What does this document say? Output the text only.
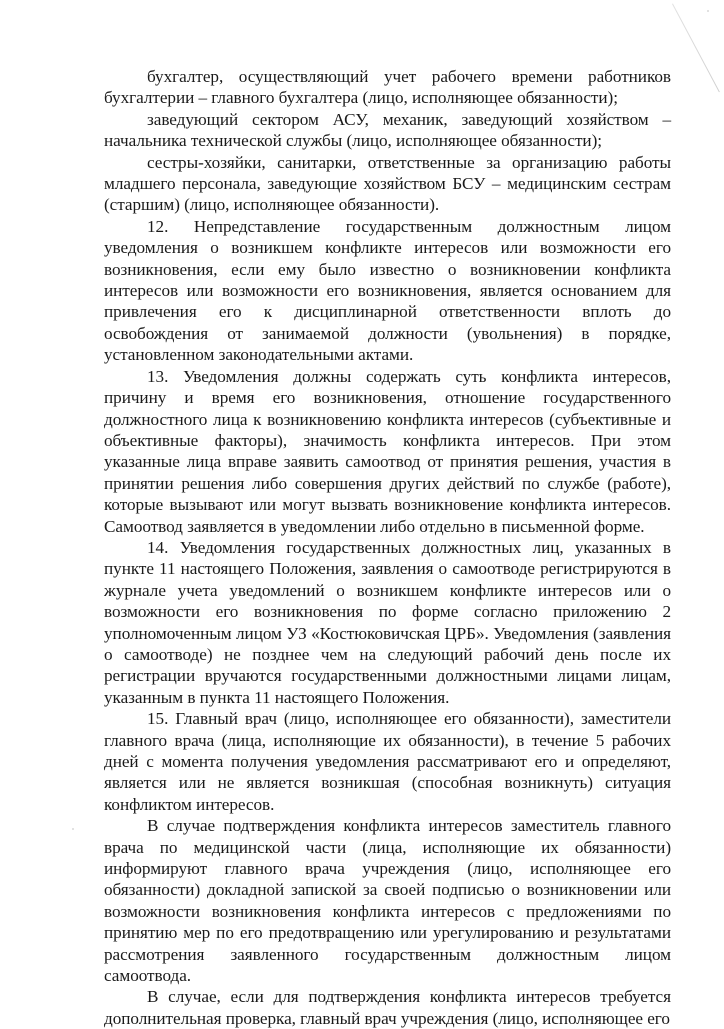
бухгалтер, осуществляющий учет рабочего времени работников бухгалтерии – главного бухгалтера (лицо, исполняющее обязанности);

заведующий сектором АСУ, механик, заведующий хозяйством – начальника технической службы (лицо, исполняющее обязанности);

сестры-хозяйки, санитарки, ответственные за организацию работы младшего персонала, заведующие хозяйством БСУ – медицинским сестрам (старшим) (лицо, исполняющее обязанности).

12. Непредставление государственным должностным лицом уведомления о возникшем конфликте интересов или возможности его возникновения, если ему было известно о возникновении конфликта интересов или возможности его возникновения, является основанием для привлечения его к дисциплинарной ответственности вплоть до освобождения от занимаемой должности (увольнения) в порядке, установленном законодательными актами.

13. Уведомления должны содержать суть конфликта интересов, причину и время его возникновения, отношение государственного должностного лица к возникновению конфликта интересов (субъективные и объективные факторы), значимость конфликта интересов. При этом указанные лица вправе заявить самоотвод от принятия решения, участия в принятии решения либо совершения других действий по службе (работе), которые вызывают или могут вызвать возникновение конфликта интересов. Самоотвод заявляется в уведомлении либо отдельно в письменной форме.

14. Уведомления государственных должностных лиц, указанных в пункте 11 настоящего Положения, заявления о самоотводе регистрируются в журнале учета уведомлений о возникшем конфликте интересов или о возможности его возникновения по форме согласно приложению 2 уполномоченным лицом УЗ «Костюковичская ЦРБ». Уведомления (заявления о самоотводе) не позднее чем на следующий рабочий день после их регистрации вручаются государственными должностными лицами лицам, указанным в пункта 11 настоящего Положения.

15. Главный врач (лицо, исполняющее его обязанности), заместители главного врача (лица, исполняющие их обязанности), в течение 5 рабочих дней с момента получения уведомления рассматривают его и определяют, является или не является возникшая (способная возникнуть) ситуация конфликтом интересов.

В случае подтверждения конфликта интересов заместитель главного врача по медицинской части (лица, исполняющие их обязанности) информируют главного врача учреждения (лицо, исполняющее его обязанности) докладной запиской за своей подписью о возникновении или возможности возникновения конфликта интересов с предложениями по принятию мер по его предотвращению или урегулированию и результатами рассмотрения заявленного государственным должностным лицом самоотвода.

В случае, если для подтверждения конфликта интересов требуется дополнительная проверка, главный врач учреждения (лицо, исполняющее его
